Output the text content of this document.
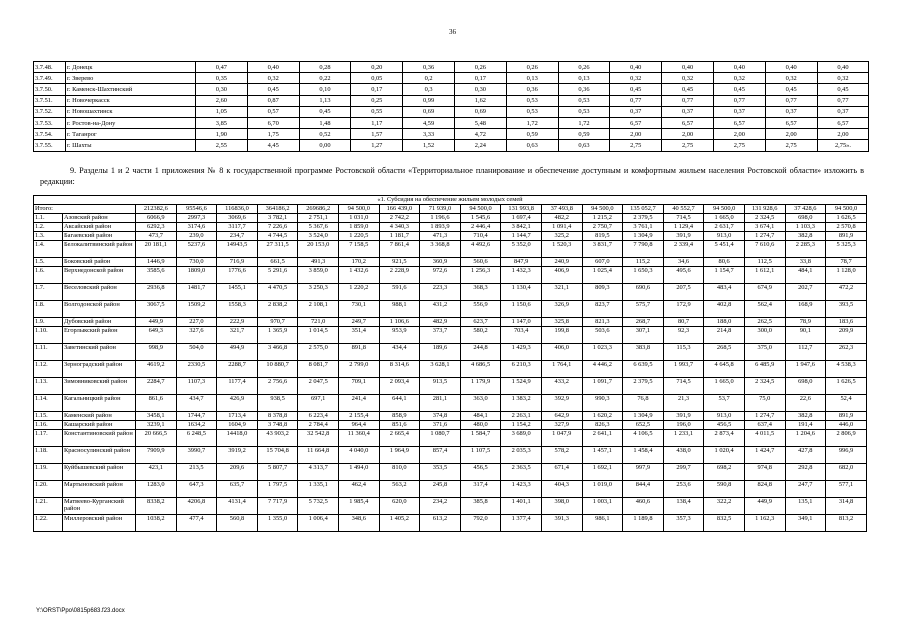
36
3.7.48.	г. Донецк	0,47	0,40	0,28	0,20	0,36	0,26	0,26	0,26	0,40	0,40	0,40	0,40	0,40
3.7.49.	г. Зверево	0,35	0,32	0,22	0,05	0,2	0,17	0,13	0,13	0,32	0,32	0,32	0,32	0,32
3.7.50.	г. Каменск-Шахтинский	0,30	0,45	0,10	0,17	0,3	0,30	0,36	0,36	0,45	0,45	0,45	0,45	0,45
3.7.51.	г. Новочеркасск	2,60	0,87	1,13	0,25	0,99	1,62	0,53	0,53	0,77	0,77	0,77	0,77	0,77
3.7.52.	г. Новошахтинск	1,05	0,57	0,45	0,55	0,69	0,69	0,53	0,53	0,37	0,37	0,37	0,37	0,37
3.7.53.	г. Ростов-на-Дону	3,85	6,70	1,48	1,17	4,59	5,48	1,72	1,72	6,57	6,57	6,57	6,57	6,57
3.7.54.	г. Таганрог	1,90	1,75	0,52	1,57	3,33	4,72	0,59	0,59	2,00	2,00	2,00	2,00	2,00
3.7.55.	г. Шахты	2,55	4,45	0,00	1,27	1,52	2,24	0,63	0,63	2,75	2,75	2,75	2,75	2,75».
9. Разделы 1 и 2 части 1 приложения № 8 к государственной программе Ростовской области «Территориальное планирование и обеспечение доступным и комфортным жильем населения Ростовской области» изложить в редакции:
«1. Субсидия на обеспечение жильем молодых семей																			
Итого:		212382,6	95546,6	116836,0	364186,2	269686,2	94 500,0	166 439,0	71 939,0	94 500,0	131 993,8	37 493,8	94 500,0	135 052,7	40 552,7	94 500,0	131 928,6	37 428,6	94 500,0
1.1.	Азовский район	6066,9	2997,3	3069,6	3 782,1	2 751,1	1 031,0	2 742,2	1 196,6	1 545,6	1 697,4	482,2	1 215,2	2 379,5	714,5	1 665,0	2 324,5	698,0	1 626,5
1.2.	Аксайский район	6292,3	3174,6	3117,7	7 226,6	5 367,6	1 859,0	4 340,3	1 893,9	2 446,4	3 842,1	1 091,4	2 750,7	3 761,1	1 129,4	2 631,7	3 674,1	1 103,3	2 570,8
1.3.	Багаевский район	473,7	239,0	234,7	4 744,5	3 524,0	1 220,5	1 181,7	471,3	710,4	1 144,7	325,2	819,5	1 304,9	391,9	913,0	1 274,7	382,8	891,9
1.4.	Белокалитвинский район	20 181,1	5237,6	14943,5	27 311,5	20 153,0	7 158,5	7 861,4	3 368,8	4 492,6	5 352,0	1 520,3	3 831,7	7 790,8	2 339,4	5 451,4	7 610,6	2 285,3	5 325,3
1.5.	Боковский район	1446,9	730,0	716,9	661,5	491,3	170,2	921,5	360,9	560,6	847,9	240,9	607,0	115,2	34,6	80,6	112,5	33,8	78,7
1.6.	Верхнедонской район	3585,6	1809,0	1776,6	5 291,6	3 859,0	1 432,6	2 228,9	972,6	1 256,3	1 432,3	406,9	1 025,4	1 650,3	495,6	1 154,7	1 612,1	484,1	1 128,0
1.7.	Веселовский район	2936,8	1481,7	1455,1	4 470,5	3 250,3	1 220,2	591,6	223,3	368,3	1 130,4	321,1	809,3	690,6	207,5	483,4	674,9	202,7	472,2
1.8.	Волгодонской район	3067,5	1509,2	1558,3	2 838,2	2 108,1	730,1	988,1	431,2	556,9	1 150,6	326,9	823,7	575,7	172,9	402,8	562,4	168,9	393,5
1.9.	Дубовский район	449,9	227,0	222,9	970,7	721,0	249,7	1 106,6	482,9	623,7	1 147,0	325,8	821,3	268,7	80,7	188,0	262,5	78,9	183,6
1.10.	Егорлыкский район	649,3	327,6	321,7	1 365,9	1 014,5	351,4	953,9	373,7	580,2	703,4	199,8	503,6	307,1	92,3	214,8	300,0	90,1	209,9
1.11.	Заветинский район	998,9	504,0	494,9	3 466,8	2 575,0	891,8	434,4	189,6	244,8	1 429,3	406,0	1 023,3	383,8	115,3	268,5	375,0	112,7	262,3
1.12.	Зерноградский район	4619,2	2330,5	2288,7	10 880,7	8 081,7	2 799,0	8 314,6	3 628,1	4 686,5	6 210,3	1 764,1	4 446,2	6 639,5	1 993,7	4 645,8	6 485,9	1 947,6	4 538,3
1.13.	Зимовниковский район	2284,7	1107,3	1177,4	2 756,6	2 047,5	709,1	2 093,4	913,5	1 179,9	1 524,9	433,2	1 091,7	2 379,5	714,5	1 665,0	2 324,5	698,0	1 626,5
1.14.	Кагальницкий район	861,6	434,7	426,9	938,5	697,1	241,4	644,1	281,1	363,0	1 383,2	392,9	990,3	76,8	21,3	53,7	75,0	22,6	52,4
1.15.	Каменский район	3458,1	1744,7	1713,4	8 378,8	6 223,4	2 155,4	858,9	374,8	484,1	2 263,1	642,9	1 620,2	1 304,9	391,9	913,0	1 274,7	382,8	891,9
1.16.	Кашарский район	3239,1	1634,2	1604,9	3 748,8	2 784,4	964,4	851,6	371,6	480,0	1 154,2	327,9	826,3	652,5	196,0	456,5	637,4	191,4	446,0
1.17.	Константиновский район	20 666,5	6 248,5	14418,0	43 903,2	32 542,8	11 360,4	2 665,4	1 080,7	1 584,7	3 689,0	1 047,9	2 641,1	4 106,5	1 233,1	2 873,4	4 011,5	1 204,6	2 806,9
1.18.	Красносулинский район	7909,9	3990,7	3919,2	15 704,8	11 664,8	4 040,0	1 964,9	857,4	1 107,5	2 035,3	578,2	1 457,1	1 458,4	438,0	1 020,4	1 424,7	427,8	996,9
1.19.	Куйбышевский район	423,1	213,5	209,6	5 807,7	4 313,7	1 494,0	810,0	353,5	456,5	2 363,5	671,4	1 692,1	997,9	299,7	698,2	974,8	292,8	682,0
1.20.	Мартыновский район	1283,0	647,3	635,7	1 797,5	1 335,1	462,4	563,2	245,8	317,4	1 423,3	404,3	1 019,0	844,4	253,6	590,8	824,8	247,7	577,1
1.21.	Матвеево-Курганский район	8338,2	4206,8	4131,4	7 717,9	5 732,5	1 985,4	620,0	234,2	385,8	1 401,1	398,0	1 003,1	460,6	138,4	322,2	449,9	135,1	314,8
1.22.	Миллеровский район	1038,2	477,4	560,8	1 355,0	1 006,4	348,6	1 405,2	613,2	792,0	1 377,4	391,3	986,1	1 189,8	357,3	832,5	1 162,3	349,1	813,2
Y:\ORST\Ppo\0815p683.f23.docx
